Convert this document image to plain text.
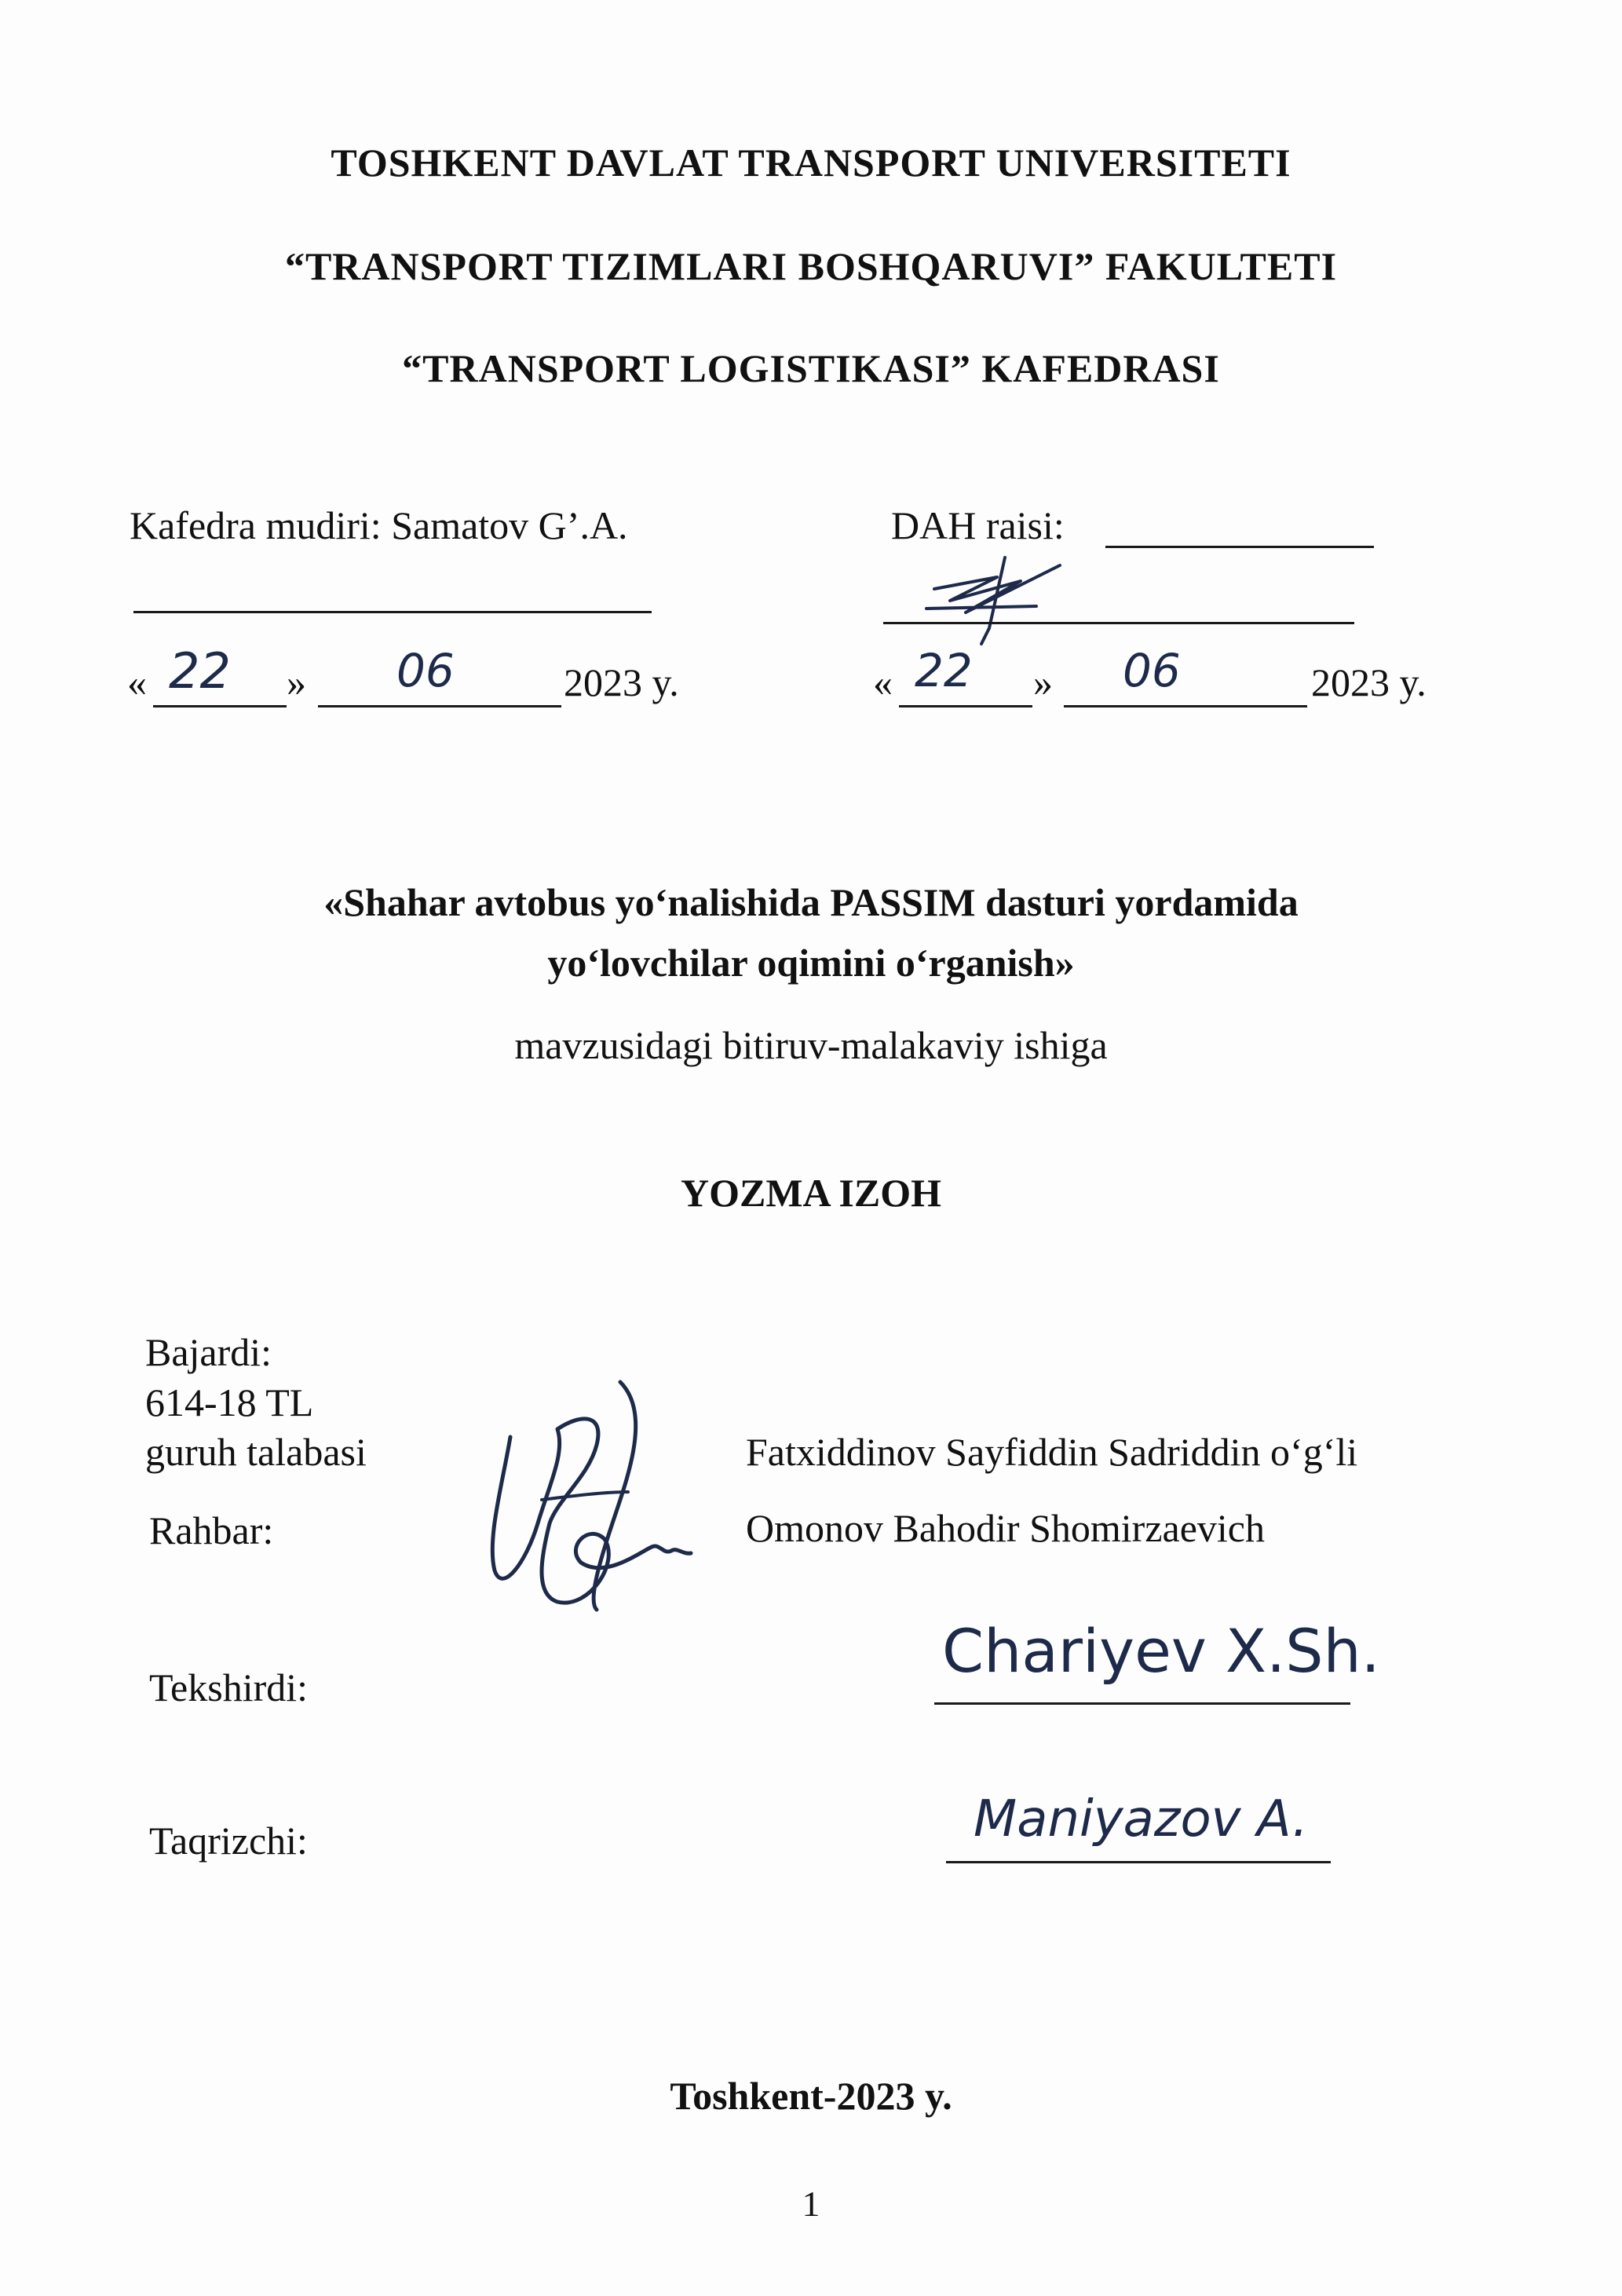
TOSHKENT DAVLAT TRANSPORT UNIVERSITETI
“TRANSPORT TIZIMLARI BOSHQARUVI” FAKULTETI
“TRANSPORT LOGISTIKASI” KAFEDRASI
Kafedra mudiri: Samatov G’.A.
« 22 » 06	2023 y.
DAH raisi:
« 22 » 06	2023 y.
«Shahar avtobus yo‘nalishida PASSIM dasturi yordamida
yo‘lovchilar oqimini o‘rganish»
mavzusidagi bitiruv-malakaviy ishiga
YOZMA IZOH
Bajardi:
614-18 TL
guruh talabasi	Fatxiddinov Sayfiddin Sadriddin o‘g‘li
Rahbar:	Omonov Bahodir Shomirzaevich
Tekshirdi:
Chariyev X.Sh.
Taqrizchi:	Maniyazov A.
Toshkent-2023 y.
1
